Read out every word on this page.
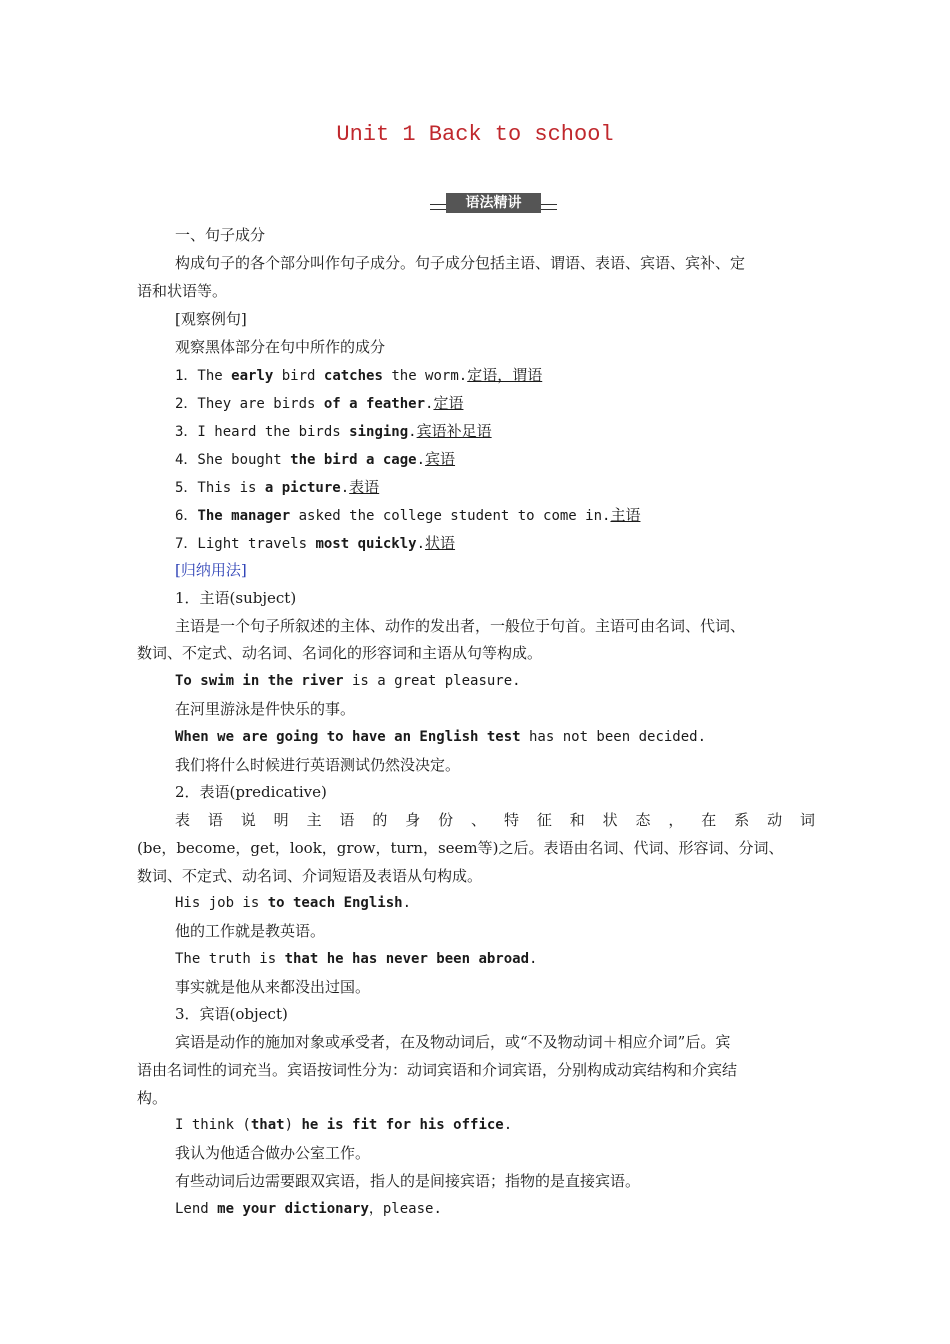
Unit 1 Back to school
语法精讲
一、句子成分
构成句子的各个部分叫作句子成分。句子成分包括主语、谓语、表语、宾语、宾补、定
语和状语等。
[观察例句]
观察黑体部分在句中所作的成分
1．The early bird catches the worm.定语，谓语
2．They are birds of a feather.定语
3．I heard the birds singing.宾语补足语
4．She bought the bird a cage.宾语
5．This is a picture.表语
6．The manager asked the college student to come in.主语
7．Light travels most quickly.状语
[归纳用法]
1．主语(subject)
主语是一个句子所叙述的主体、动作的发出者，一般位于句首。主语可由名词、代词、
数词、不定式、动名词、名词化的形容词和主语从句等构成。
To swim in the river is a great pleasure.
在河里游泳是件快乐的事。
When we are going to have an English test has not been decided.
我们将什么时候进行英语测试仍然没决定。
2．表语(predicative)
表语说明主语的身份、特征和状态，在系动词
(be，become，get，look，grow，turn，seem等)之后。表语由名词、代词、形容词、分词、
数词、不定式、动名词、介词短语及表语从句构成。
His job is to teach English.
他的工作就是教英语。
The truth is that he has never been abroad.
事实就是他从来都没出过国。
3．宾语(object)
宾语是动作的施加对象或承受者，在及物动词后，或“不及物动词＋相应介词”后。宾
语由名词性的词充当。宾语按词性分为：动词宾语和介词宾语，分别构成动宾结构和介宾结
构。
I think (that) he is fit for his office.
我认为他适合做办公室工作。
有些动词后边需要跟双宾语，指人的是间接宾语；指物的是直接宾语。
Lend me your dictionary，please.
